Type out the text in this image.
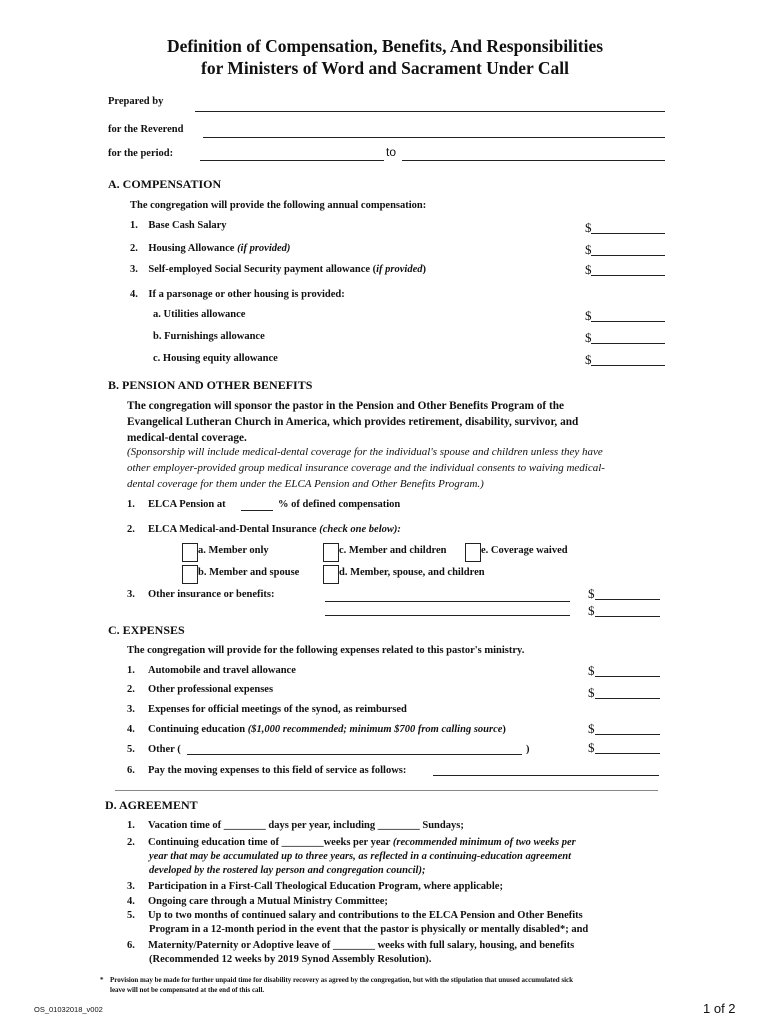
Definition of Compensation, Benefits, And Responsibilities
for Ministers of Word and Sacrament Under Call
Prepared by
for the Reverend
for the period:	to
A. COMPENSATION
The congregation will provide the following annual compensation:
1. Base Cash Salary	$
2. Housing Allowance (if provided)	$
3. Self-employed Social Security payment allowance (if provided)	$
4. If a parsonage or other housing is provided:
a. Utilities allowance	$
b. Furnishings allowance	$
c. Housing equity allowance	$
B. PENSION AND OTHER BENEFITS
The congregation will sponsor the pastor in the Pension and Other Benefits Program of the
Evangelical Lutheran Church in America, which provides retirement, disability, survivor, and
medical-dental coverage.
(Sponsorship will include medical-dental coverage for the individual's spouse and children unless they have
other employer-provided group medical insurance coverage and the individual consents to waiving medical-
dental coverage for them under the ELCA Pension and Other Benefits Program.)
1. ELCA Pension at	% of defined compensation
2. ELCA Medical-and-Dental Insurance (check one below):
a. Member only	c. Member and children	e. Coverage waived
b. Member and spouse	d. Member, spouse, and children
3. Other insurance or benefits:	$
$
C. EXPENSES
The congregation will provide for the following expenses related to this pastor's ministry.
1. Automobile and travel allowance	$
2. Other professional expenses	$
3. Expenses for official meetings of the synod, as reimbursed
4. Continuing education ($1,000 recommended; minimum $700 from calling source)	$
5. Other (	)	$
6. Pay the moving expenses to this field of service as follows:
D. AGREEMENT
1. Vacation time of ________ days per year, including ________ Sundays;
2. Continuing education time of ________weeks per year (recommended minimum of two weeks per
year that may be accumulated up to three years, as reflected in a continuing-education agreement
developed by the rostered lay person and congregation council);
3. Participation in a First-Call Theological Education Program, where applicable;
4. Ongoing care through a Mutual Ministry Committee;
5. Up to two months of continued salary and contributions to the ELCA Pension and Other Benefits
Program in a 12-month period in the event that the pastor is physically or mentally disabled*; and
6. Maternity/Paternity or Adoptive leave of ________ weeks with full salary, housing, and benefits
(Recommended 12 weeks by 2019 Synod Assembly Resolution).
* Provision may be made for further unpaid time for disability recovery as agreed by the congregation, but with the stipulation that unused accumulated sick
leave will not be compensated at the end of this call.
OS_01032018_v002	1 of 2
